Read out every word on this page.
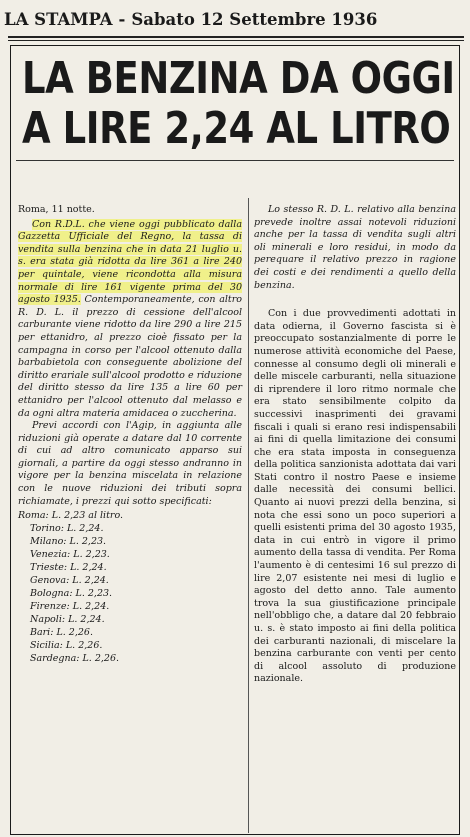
LA STAMPA - Sabato 12 Settembre 1936
LA BENZINA DA OGGI
A LIRE 2,24 AL LITRO

Roma, 11 notte.

Con R.D.L. che viene oggi pubblicato dalla Gazzetta Ufficiale del Regno, la tassa di vendita sulla benzina che in data 21 luglio u. s. era stata già ridotta da lire 361 a lire 240 per quintale, viene ricondotta alla misura normale di lire 161 vigente prima del 30 agosto 1935. Contemporaneamente, con altro R. D. L. il prezzo di cessione dell'alcool carburante viene ridotto da lire 290 a lire 215 per ettanidro, al prezzo cioè fissato per la campagna in corso per l'alcool ottenuto dalla barbabietola con conseguente abolizione del diritto erariale sull'alcool prodotto e riduzione del diritto stesso da lire 135 a lire 60 per ettanidro per l'alcool ottenuto dal melasso e da ogni altra materia amidacea o zuccherina.

Previ accordi con l'Agip, in aggiunta alle riduzioni già operate a datare dal 10 corrente di cui ad altro comunicato apparso sui giornali, a partire da oggi stesso andranno in vigore per la benzina miscelata in relazione con le nuove riduzioni dei tributi sopra richiamate, i prezzi qui sotto specificati:

Roma: L. 2,23 al litro.

Torino: L. 2,24.

Milano: L. 2,23.

Venezia: L. 2,23.

Trieste: L. 2,24.

Genova: L. 2,24.

Bologna: L. 2,23.

Firenze: L. 2,24.

Napoli: L. 2,24.

Bari: L. 2,26.

Sicilia: L. 2,26.

Sardegna: L. 2,26.

Lo stesso R. D. L. relativo alla benzina prevede inoltre assai notevoli riduzioni anche per la tassa di vendita sugli altri oli minerali e loro residui, in modo da perequare il relativo prezzo in ragione dei costi e dei rendimenti a quello della benzina.

Con i due provvedimenti adottati in data odierna, il Governo fascista si è preoccupato sostanzialmente di porre le numerose attività economiche del Paese, connesse al consumo degli oli minerali e delle miscele carburanti, nella situazione di riprendere il loro ritmo normale che era stato sensibilmente colpito da successivi inasprimenti dei gravami fiscali i quali si erano resi indispensabili ai fini di quella limitazione dei consumi che era stata imposta in conseguenza della politica sanzionista adottata dai vari Stati contro il nostro Paese e insieme dalle necessità dei consumi bellici. Quanto ai nuovi prezzi della benzina, si nota che essi sono un poco superiori a quelli esistenti prima del 30 agosto 1935, data in cui entrò in vigore il primo aumento della tassa di vendita. Per Roma l'aumento è di centesimi 16 sul prezzo di lire 2,07 esistente nei mesi di luglio e agosto del detto anno. Tale aumento trova la sua giustificazione principale nell'obbligo che, a datare dal 20 febbraio u. s. è stato imposto ai fini della politica dei carburanti nazionali, di miscelare la benzina carburante con venti per cento di alcool assoluto di produzione nazionale.
